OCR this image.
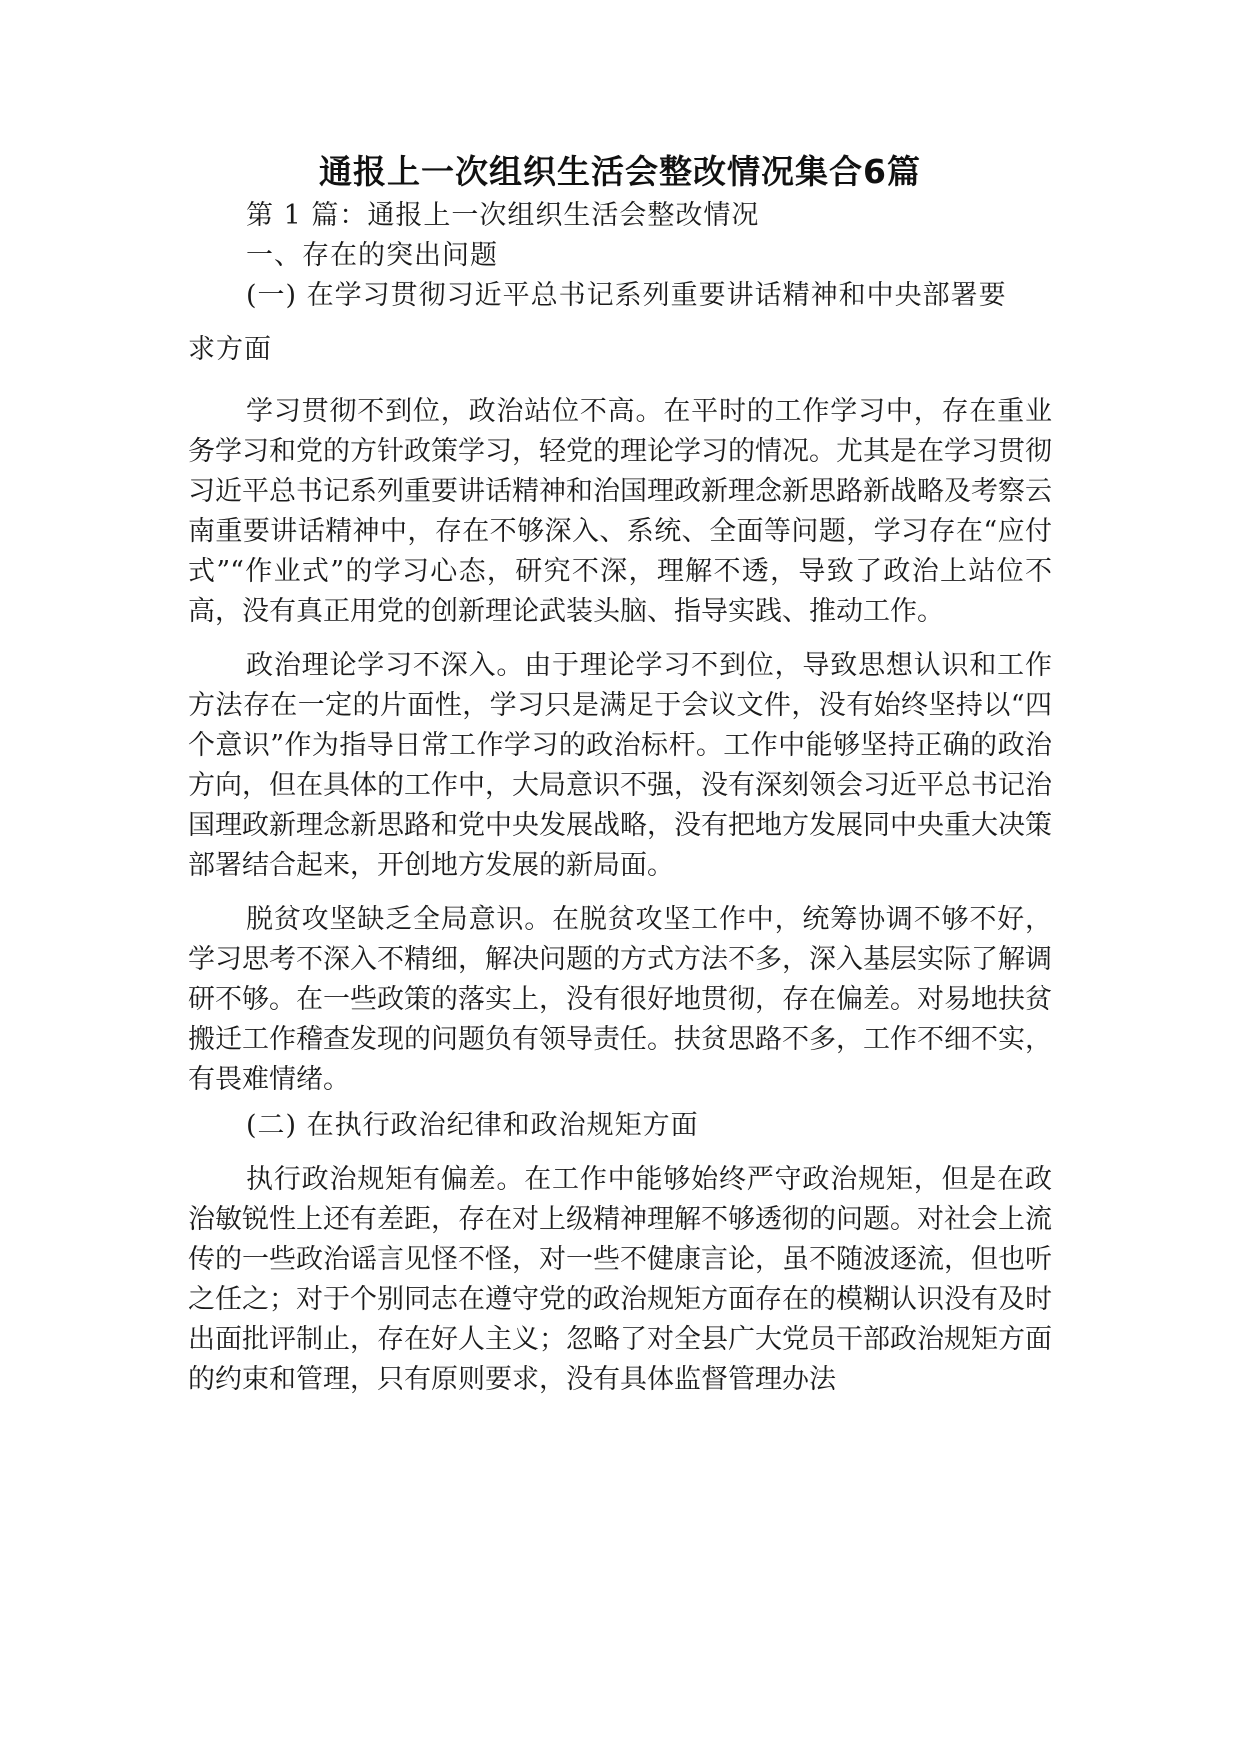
通报上一次组织生活会整改情况集合6篇
第 1 篇：通报上一次组织生活会整改情况
一、存在的突出问题
(一) 在学习贯彻习近平总书记系列重要讲话精神和中央部署要
求方面

学习贯彻不到位，政治站位不高。在平时的工作学习中，存在重业务学习和党的方针政策学习，轻党的理论学习的情况。尤其是在学习贯彻习近平总书记系列重要讲话精神和治国理政新理念新思路新战略及考察云南重要讲话精神中，存在不够深入、系统、全面等问题，学习存在“应付式”“作业式”的学习心态，研究不深，理解不透，导致了政治上站位不高，没有真正用党的创新理论武装头脑、指导实践、推动工作。

政治理论学习不深入。由于理论学习不到位，导致思想认识和工作方法存在一定的片面性，学习只是满足于会议文件，没有始终坚持以“四个意识”作为指导日常工作学习的政治标杆。工作中能够坚持正确的政治方向，但在具体的工作中，大局意识不强，没有深刻领会习近平总书记治国理政新理念新思路和党中央发展战略，没有把地方发展同中央重大决策部署结合起来，开创地方发展的新局面。

脱贫攻坚缺乏全局意识。在脱贫攻坚工作中，统筹协调不够不好，学习思考不深入不精细，解决问题的方式方法不多，深入基层实际了解调研不够。在一些政策的落实上，没有很好地贯彻，存在偏差。对易地扶贫搬迁工作稽查发现的问题负有领导责任。扶贫思路不多，工作不细不实，有畏难情绪。

(二) 在执行政治纪律和政治规矩方面

执行政治规矩有偏差。在工作中能够始终严守政治规矩，但是在政治敏锐性上还有差距，存在对上级精神理解不够透彻的问题。对社会上流传的一些政治谣言见怪不怪，对一些不健康言论，虽不随波逐流，但也听之任之；对于个别同志在遵守党的政治规矩方面存在的模糊认识没有及时出面批评制止，存在好人主义；忽略了对全县广大党员干部政治规矩方面的约束和管理，只有原则要求，没有具体监督管理办法
